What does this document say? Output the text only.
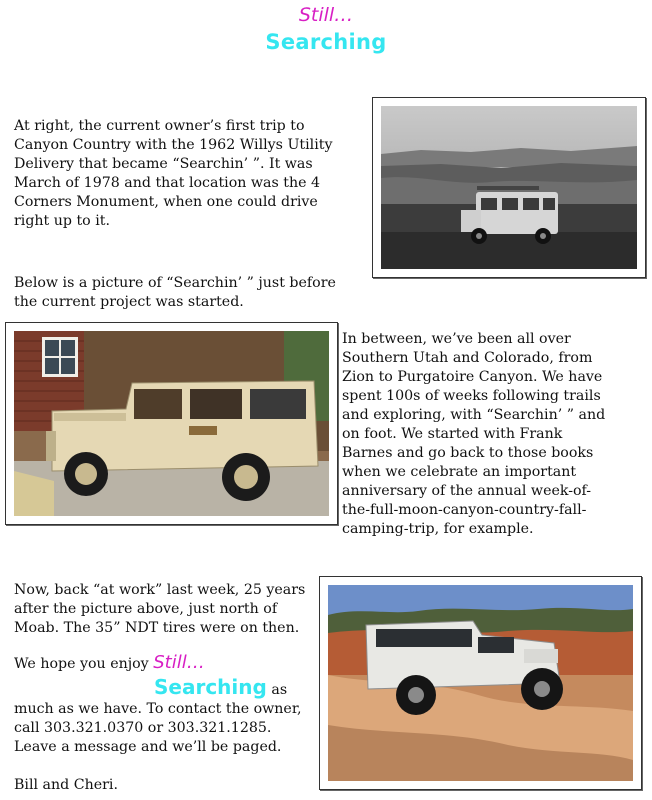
Still…
Searching
At right, the current owner’s first trip to
Canyon Country with the 1962 Willys Utility
Delivery that became “Searchin’ ”. It was
March of 1978 and that location was the 4
Corners Monument, when one could drive
right up to it.
Below is a picture of “Searchin’ ” just before
the current project was started.
In between, we’ve been all over
Southern Utah and Colorado, from
Zion to Purgatoire Canyon. We have
spent 100s of weeks following trails
and exploring, with “Searchin’ ” and
on foot. We started with Frank
Barnes and go back to those books
when we celebrate an important
anniversary of the annual week-of-
the-full-moon-canyon-country-fall-
camping-trip, for example.
Now, back “at work” last week, 25 years
after the picture above, just north of
Moab. The 35” NDT tires were on then.
We hope you enjoy Still…
Searching as
much as we have. To contact the owner,
call 303.321.0370 or 303.321.1285.
Leave a message and we’ll be paged.
Bill and Cheri.
